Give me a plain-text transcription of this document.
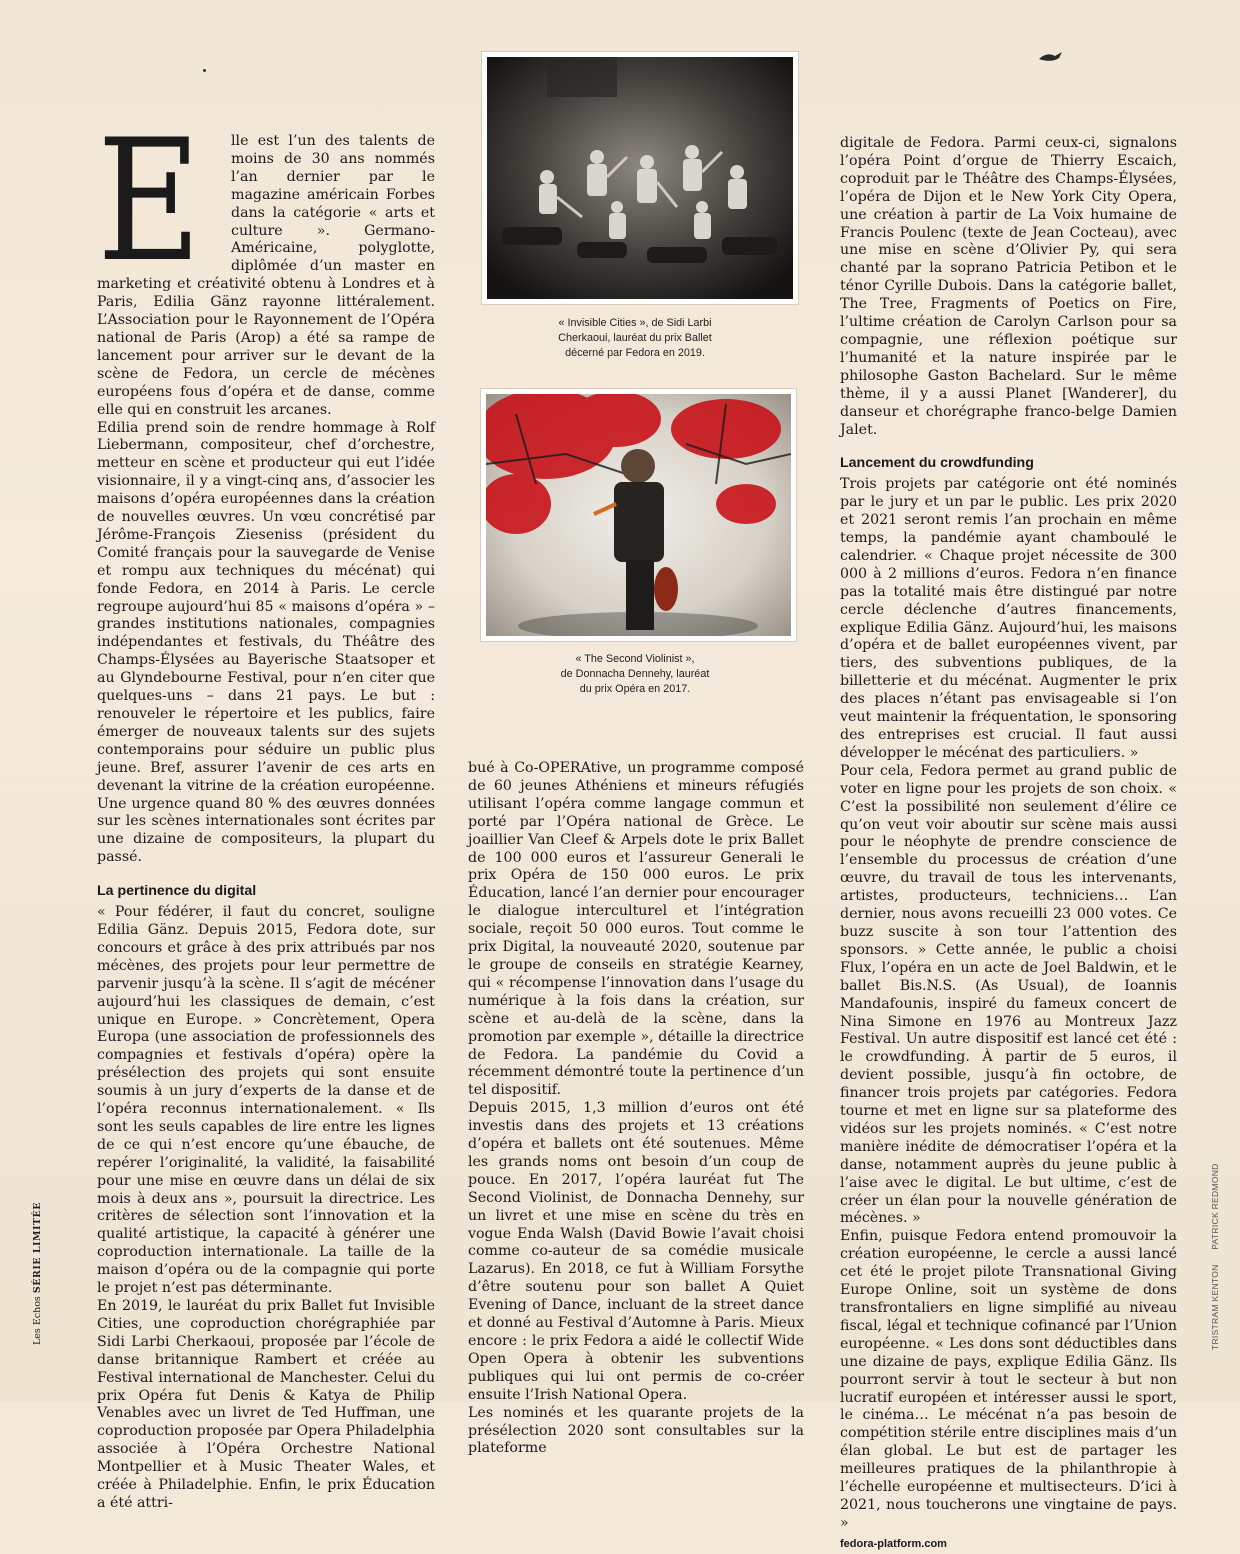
E	lle est l’un des talents de moins de 30 ans nommés l’an dernier par le magazine américain Forbes dans la catégorie « arts et culture ». Germano-Américaine, polyglotte, diplômée d’un master en marketing et créativité obtenu à Londres et à Paris, Edilia Gänz rayonne littéralement. L’Association pour le Rayonnement de l’Opéra national de Paris (Arop) a été sa rampe de lancement pour arriver sur le devant de la scène de Fedora, un cercle de mécènes européens fous d’opéra et de danse, comme elle qui en construit les arcanes.

Edilia prend soin de rendre hommage à Rolf Liebermann, compositeur, chef d’orchestre, metteur en scène et producteur qui eut l’idée visionnaire, il y a vingt-cinq ans, d’associer les maisons d’opéra européennes dans la création de nouvelles œuvres. Un vœu concrétisé par Jérôme-François Zieseniss (président du Comité français pour la sauvegarde de Venise et rompu aux techniques du mécénat) qui fonde Fedora, en 2014 à Paris. Le cercle regroupe aujourd’hui 85 « maisons d’opéra » – grandes institutions nationales, compagnies indépendantes et festivals, du Théâtre des Champs-Élysées au Bayerische Staatsoper et au Glyndebourne Festival, pour n’en citer que quelques-uns – dans 21 pays. Le but : renouveler le répertoire et les publics, faire émerger de nouveaux talents sur des sujets contemporains pour séduire un public plus jeune. Bref, assurer l’avenir de ces arts en devenant la vitrine de la création européenne. Une urgence quand 80 % des œuvres données sur les scènes internationales sont écrites par une dizaine de compositeurs, la plupart du passé.

La pertinence du digital

« Pour fédérer, il faut du concret, souligne Edilia Gänz. Depuis 2015, Fedora dote, sur concours et grâce à des prix attribués par nos mécènes, des projets pour leur permettre de parvenir jusqu’à la scène. Il s’agit de mécéner aujourd’hui les classiques de demain, c’est unique en Europe. » Concrètement, Opera Europa (une association de professionnels des compagnies et festivals d’opéra) opère la présélection des projets qui sont ensuite soumis à un jury d’experts de la danse et de l’opéra reconnus internationalement. « Ils sont les seuls capables de lire entre les lignes de ce qui n’est encore qu’une ébauche, de repérer l’originalité, la validité, la faisabilité pour une mise en œuvre dans un délai de six mois à deux ans », poursuit la directrice. Les critères de sélection sont l’innovation et la qualité artistique, la capacité à générer une coproduction internationale. La taille de la maison d’opéra ou de la compagnie qui porte le projet n’est pas déterminante.

En 2019, le lauréat du prix Ballet fut Invisible Cities, une coproduction chorégraphiée par Sidi Larbi Cherkaoui, proposée par l’école de danse britannique Rambert et créée au Festival international de Manchester. Celui du prix Opéra fut Denis & Katya de Philip Venables avec un livret de Ted Huffman, une coproduction proposée par Opera Philadelphia associée à l’Opéra Orchestre National Montpellier et à Music Theater Wales, et créée à Philadelphie. Enfin, le prix Éducation a été attri-

« Invisible Cities », de Sidi Larbi
Cherkaoui, lauréat du prix Ballet
décerné par Fedora en 2019.
« The Second Violinist »,
de Donnacha Dennehy, lauréat
du prix Opéra en 2017.

bué à Co-OPERAtive, un programme composé de 60 jeunes Athéniens et mineurs réfugiés utilisant l’opéra comme langage commun et porté par l’Opéra national de Grèce. Le joaillier Van Cleef & Arpels dote le prix Ballet de 100 000 euros et l’assureur Generali le prix Opéra de 150 000 euros. Le prix Éducation, lancé l’an dernier pour encourager le dialogue interculturel et l’intégration sociale, reçoit 50 000 euros. Tout comme le prix Digital, la nouveauté 2020, soutenue par le groupe de conseils en stratégie Kearney, qui « récompense l’innovation dans l’usage du numérique à la fois dans la création, sur scène et au-delà de la scène, dans la promotion par exemple », détaille la directrice de Fedora. La pandémie du Covid a récemment démontré toute la pertinence d’un tel dispositif.

Depuis 2015, 1,3 million d’euros ont été investis dans des projets et 13 créations d’opéra et ballets ont été soutenues. Même les grands noms ont besoin d’un coup de pouce. En 2017, l’opéra lauréat fut The Second Violinist, de Donnacha Dennehy, sur un livret et une mise en scène du très en vogue Enda Walsh (David Bowie l’avait choisi comme co-auteur de sa comédie musicale Lazarus). En 2018, ce fut à William Forsythe d’être soutenu pour son ballet A Quiet Evening of Dance, incluant de la street dance et donné au Festival d’Automne à Paris. Mieux encore : le prix Fedora a aidé le collectif Wide Open Opera à obtenir les subventions publiques qui lui ont permis de co-créer ensuite l’Irish National Opera.

Les nominés et les quarante projets de la présélection 2020 sont consultables sur la plateforme

digitale de Fedora. Parmi ceux-ci, signalons l’opéra Point d’orgue de Thierry Escaich, coproduit par le Théâtre des Champs-Élysées, l’opéra de Dijon et le New York City Opera, une création à partir de La Voix humaine de Francis Poulenc (texte de Jean Cocteau), avec une mise en scène d’Olivier Py, qui sera chanté par la soprano Patricia Petibon et le ténor Cyrille Dubois. Dans la catégorie ballet, The Tree, Fragments of Poetics on Fire, l’ultime création de Carolyn Carlson pour sa compagnie, une réflexion poétique sur l’humanité et la nature inspirée par le philosophe Gaston Bachelard. Sur le même thème, il y a aussi Planet [Wanderer], du danseur et chorégraphe franco-belge Damien Jalet.

Lancement du crowdfunding

Trois projets par catégorie ont été nominés par le jury et un par le public. Les prix 2020 et 2021 seront remis l’an prochain en même temps, la pandémie ayant chamboulé le calendrier. « Chaque projet nécessite de 300 000 à 2 millions d’euros. Fedora n’en finance pas la totalité mais être distingué par notre cercle déclenche d’autres financements, explique Edilia Gänz. Aujourd’hui, les maisons d’opéra et de ballet européennes vivent, par tiers, des subventions publiques, de la billetterie et du mécénat. Augmenter le prix des places n’étant pas envisageable si l’on veut maintenir la fréquentation, le sponsoring des entreprises est crucial. Il faut aussi développer le mécénat des particuliers. »

Pour cela, Fedora permet au grand public de voter en ligne pour les projets de son choix. « C’est la possibilité non seulement d’élire ce qu’on veut voir aboutir sur scène mais aussi pour le néophyte de prendre conscience de l’ensemble du processus de création d’une œuvre, du travail de tous les intervenants, artistes, producteurs, techniciens… L’an dernier, nous avons recueilli 23 000 votes. Ce buzz suscite à son tour l’attention des sponsors. » Cette année, le public a choisi Flux, l’opéra en un acte de Joel Baldwin, et le ballet Bis.N.S. (As Usual), de Ioannis Mandafounis, inspiré du fameux concert de Nina Simone en 1976 au Montreux Jazz Festival. Un autre dispositif est lancé cet été : le crowdfunding. À partir de 5 euros, il devient possible, jusqu’à fin octobre, de financer trois projets par catégories. Fedora tourne et met en ligne sur sa plateforme des vidéos sur les projets nominés. « C’est notre manière inédite de démocratiser l’opéra et la danse, notamment auprès du jeune public à l’aise avec le digital. Le but ultime, c’est de créer un élan pour la nouvelle génération de mécènes. »

Enfin, puisque Fedora entend promouvoir la création européenne, le cercle a aussi lancé cet été le projet pilote Transnational Giving Europe Online, soit un système de dons transfrontaliers en ligne simplifié au niveau fiscal, légal et technique cofinancé par l’Union européenne. « Les dons sont déductibles dans une dizaine de pays, explique Edilia Gänz. Ils pourront servir à tout le secteur à but non lucratif européen et intéresser aussi le sport, le cinéma… Le mécénat n’a pas besoin de compétition stérile entre disciplines mais d’un élan global. Le but est de partager les meilleures pratiques de la philanthropie à l’échelle européenne et multisecteurs. D’ici à 2021, nous toucherons une vingtaine de pays. »

fedora-platform.com
Les Echos SÉRIE LIMITÉE
TRISTRAM KENTON PATRICK REDMOND
